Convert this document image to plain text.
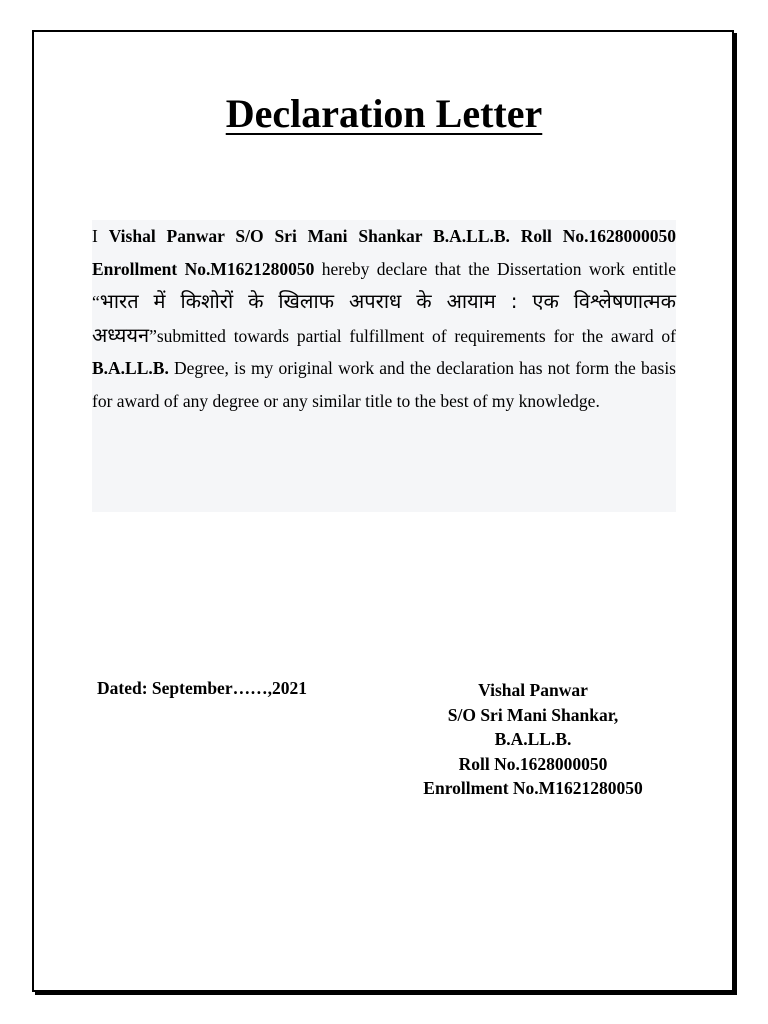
Declaration Letter

I Vishal Panwar S/O Sri Mani Shankar B.A.LL.B. Roll No.1628000050 Enrollment No.M1621280050 hereby declare that the Dissertation work entitle “भारत में किशोरों के खिलाफ अपराध के आयाम : एक विश्लेषणात्मक अध्ययन”submitted towards partial fulfillment of requirements for the award of B.A.LL.B. Degree, is my original work and the declaration has not form the basis for award of any degree or any similar title to the best of my knowledge.

Dated: September……,2021	Vishal Panwar
S/O Sri Mani Shankar,
B.A.LL.B.
Roll No.1628000050
Enrollment No.M1621280050
